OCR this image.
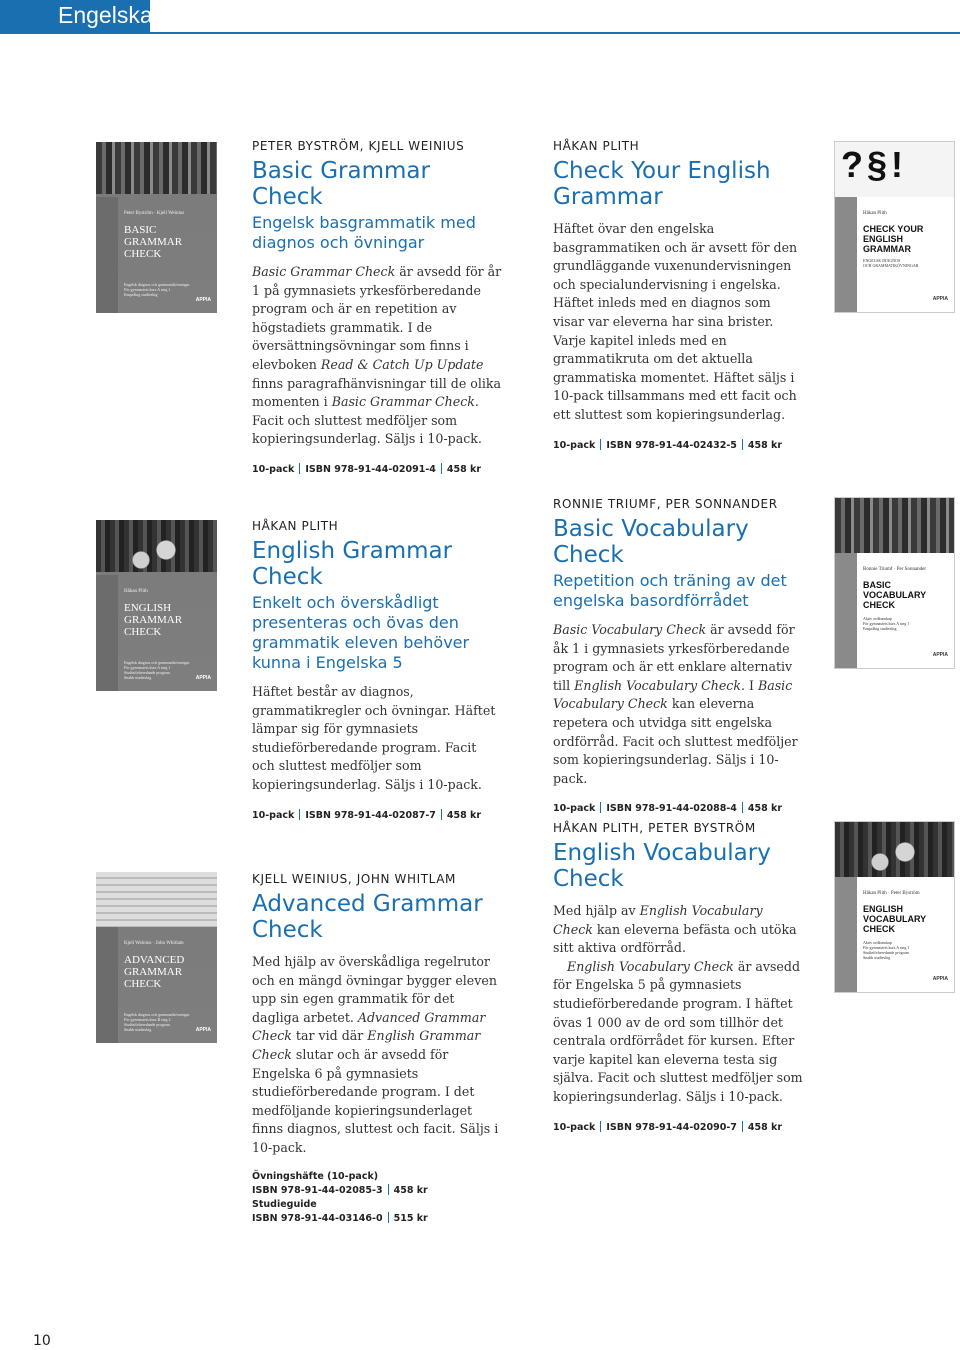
Engelska
Peter Byström · Kjell Weinius
BASIC
GRAMMAR
CHECK
Engelsk diagnos och grammatikövningar
För gymnasiets kurs A steg 1
Enspråkig studieskig
APPIA
PETER BYSTRÖM, KJELL WEINIUS
Basic Grammar Check
Engelsk basgrammatik med diagnos och övningar
Basic Grammar Check är avsedd för år 1 på gymnasiets yrkesförberedande program och är en repetition av högstadiets grammatik. I de översättningsövningar som finns i elevboken Read & Catch Up Update finns paragrafhänvisningar till de olika momenten i Basic Grammar Check. Facit och sluttest medföljer som kopieringsunderlag. Säljs i 10-pack.
10-pack ISBN 978-91-44-02091-4 458 kr
HÅKAN PLITH
Check Your English Grammar
Häftet övar den engelska basgrammatiken och är avsett för den grundläggande vuxenundervisningen och specialundervisning i engelska. Häftet inleds med en diagnos som visar var eleverna har sina brister. Varje kapitel inleds med en grammatikruta om det aktuella grammatiska momentet. Häftet säljs i 10-pack tillsammans med ett facit och ett sluttest som kopieringsunderlag.
10-pack ISBN 978-91-44-02432-5 458 kr
?§!
Håkan Plith
CHECK YOUR
ENGLISH
GRAMMAR
ENGELSK DIAGNOS
OCH GRAMMATIKÖVNINGAR
APPIA
Håkan Plith
ENGLISH
GRAMMAR
CHECK
Engelsk diagnos och grammatikövningar
För gymnasiets kurs A steg 1
Studieförberedande program
Snabb studieskig	APPIA
HÅKAN PLITH
English Grammar Check
Enkelt och överskådligt presenteras och övas den grammatik eleven behöver kunna i Engelska 5
Häftet består av diagnos, grammatikregler och övningar. Häftet lämpar sig för gymnasiets studieförberedande program. Facit och sluttest medföljer som kopieringsunderlag. Säljs i 10-pack.
10-pack ISBN 978-91-44-02087-7 458 kr
RONNIE TRIUMF, PER SONNANDER
Basic Vocabulary Check
Repetition och träning av det engelska basordförrådet
Basic Vocabulary Check är avsedd för åk 1 i gymnasiets yrkesförberedande program och är ett enklare alternativ till English Vocabulary Check. I Basic Vocabulary Check kan eleverna repetera och utvidga sitt engelska ordförråd. Facit och sluttest medföljer som kopieringsunderlag. Säljs i 10-pack.
10-pack ISBN 978-91-44-02088-4 458 kr
Ronnie Triumf · Per Sonnander
BASIC
VOCABULARY
CHECK
Aktiv ordkunskap
För gymnasiets kurs A steg 1
Enspråkig studieskig
APPIA
Kjell Weinius · John Whitlam
ADVANCED
GRAMMAR
CHECK
Engelsk diagnos och grammatikövningar
För gymnasiets kurs B steg 2
Studieförberedande program
Snabb studieskig	APPIA
KJELL WEINIUS, JOHN WHITLAM
Advanced Grammar Check
Med hjälp av överskådliga regelrutor och en mängd övningar bygger eleven upp sin egen grammatik för det dagliga arbetet. Advanced Grammar Check tar vid där English Grammar Check slutar och är avsedd för Engelska 6 på gymnasiets studieförberedande program. I det medföljande kopieringsunderlaget finns diagnos, sluttest och facit. Säljs i 10-pack.
Övningshäfte (10-pack)
ISBN 978-91-44-02085-3 458 kr
Studieguide
ISBN 978-91-44-03146-0 515 kr
HÅKAN PLITH, PETER BYSTRÖM
English Vocabulary Check
Med hjälp av English Vocabulary Check kan eleverna befästa och utöka sitt aktiva ordförråd.
English Vocabulary Check är avsedd för Engelska 5 på gymnasiets studieförberedande program. I häftet övas 1 000 av de ord som tillhör det centrala ordförrådet för kursen. Efter varje kapitel kan eleverna testa sig själva. Facit och sluttest medföljer som kopieringsunderlag. Säljs i 10-pack.
10-pack ISBN 978-91-44-02090-7 458 kr
Håkan Plith · Peter Byström
ENGLISH
VOCABULARY
CHECK
Aktiv ordkunskap
För gymnasiets kurs A steg 1
Studieförberedande program
Snabb studieskig
APPIA
10
